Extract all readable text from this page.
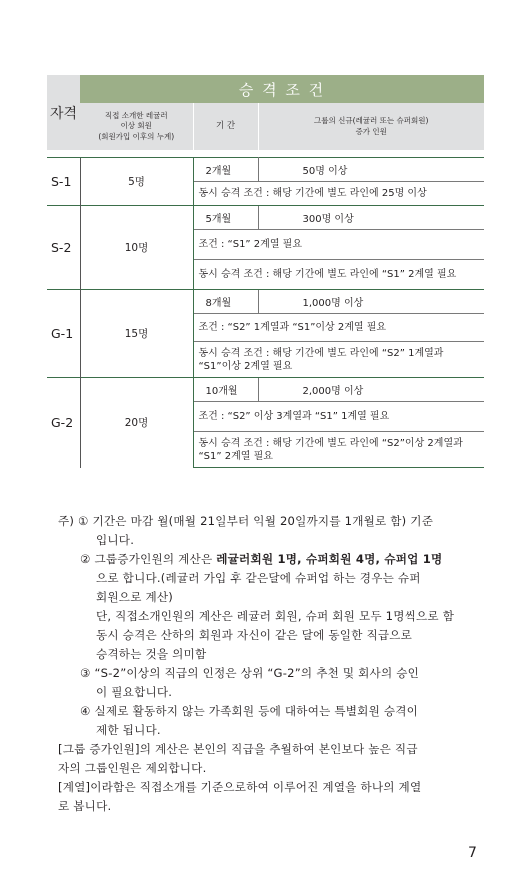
자격	승 격 조 건		
	직접 소개한 레귤러
이상 회원
(회원가입 이후의 누계)	기 간	그룹의 신규(레귤러 또는 슈퍼회원)
증가 인원

S-1	5명	2개월	50명 이상
		동시 승격 조건 : 해당 기간에 별도 라인에 25명 이상	
S-2	10명	5개월	300명 이상
		조건 : “S1” 2계열 필요	
		동시 승격 조건 : 해당 기간에 별도 라인에 “S1” 2계열 필요	
G-1	15명	8개월	1,000명 이상
		조건 : “S2” 1계열과 “S1”이상 2계열 필요	
		동시 승격 조건 : 해당 기간에 별도 라인에 “S2” 1계열과
“S1”이상 2계열 필요	
G-2	20명	10개월	2,000명 이상
		조건 : “S2” 이상 3계열과 “S1” 1계열 필요	
		동시 승격 조건 : 해당 기간에 별도 라인에 “S2”이상 2계열과
“S1” 2계열 필요	

주) ① 기간은 마감 월(매월 21일부터 익월 20일까지를 1개월로 함) 기준

입니다.

② 그룹증가인원의 계산은 레귤러회원 1명, 슈퍼회원 4명, 슈퍼업 1명

으로 합니다.(레귤러 가입 후 같은달에 슈퍼업 하는 경우는 슈퍼

회원으로 계산)

단, 직접소개인원의 계산은 레귤러 회원, 슈퍼 회원 모두 1명씩으로 함

동시 승격은 산하의 회원과 자신이 같은 달에 동일한 직급으로

승격하는 것을 의미함

③ “S-2”이상의 직급의 인정은 상위 “G-2”의 추천 및 회사의 승인

이 필요합니다.

④ 실제로 활동하지 않는 가족회원 등에 대하여는 특별회원 승격이

제한 됩니다.

[그룹 증가인원]의 계산은 본인의 직급을 추월하여 본인보다 높은 직급

자의 그룹인원은 제외합니다.

[계열]이라함은 직접소개를 기준으로하여 이루어진 계열을 하나의 계열

로 봅니다.

7
